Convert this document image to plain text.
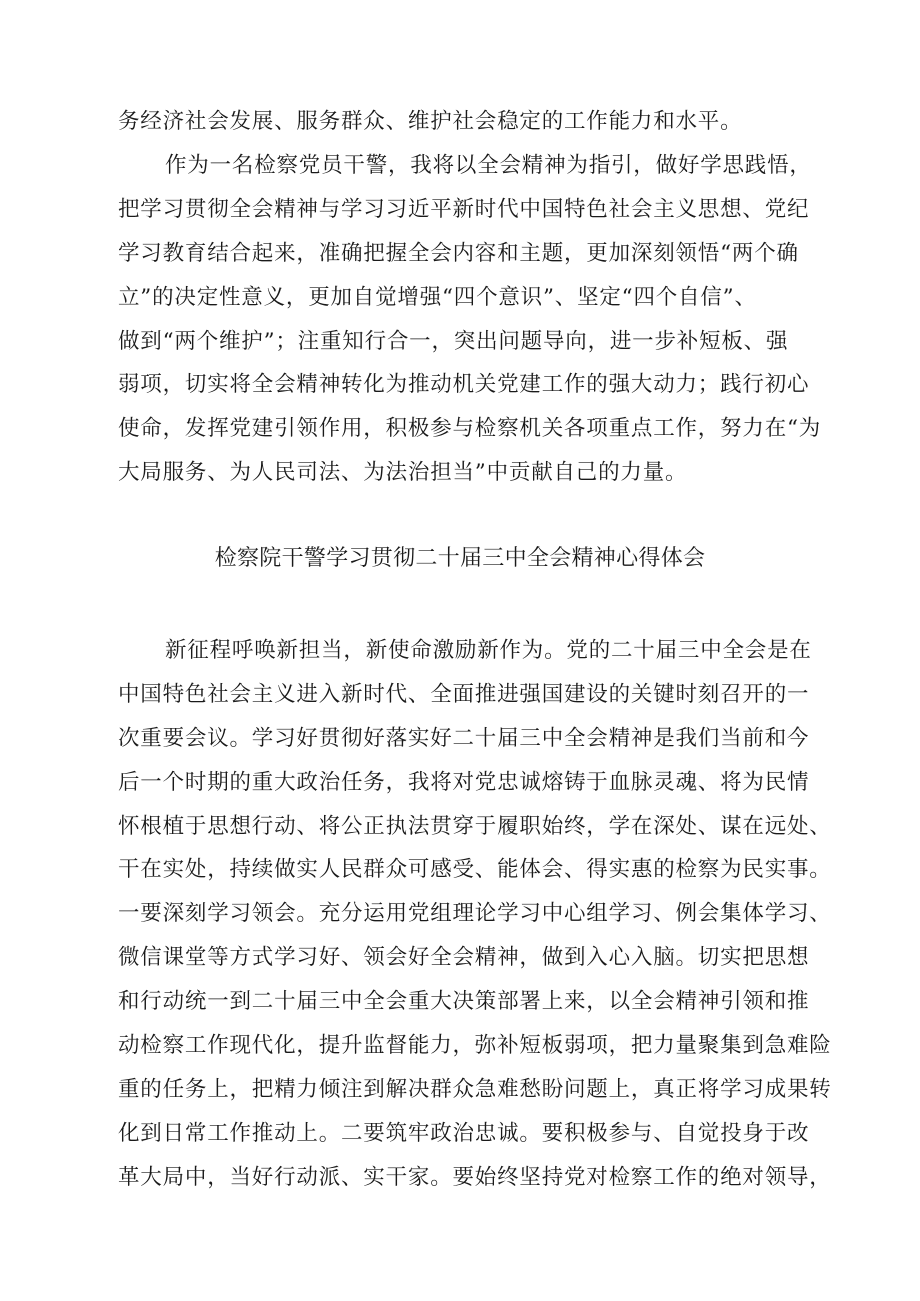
务经济社会发展、服务群众、维护社会稳定的工作能力和水平。
作为一名检察党员干警，我将以全会精神为指引，做好学思践悟，
把学习贯彻全会精神与学习习近平新时代中国特色社会主义思想、党纪
学习教育结合起来，准确把握全会内容和主题，更加深刻领悟“两个确
立”的决定性意义，更加自觉增强“四个意识”、坚定“四个自信”、
做到“两个维护”；注重知行合一，突出问题导向，进一步补短板、强
弱项，切实将全会精神转化为推动机关党建工作的强大动力；践行初心
使命，发挥党建引领作用，积极参与检察机关各项重点工作，努力在“为
大局服务、为人民司法、为法治担当”中贡献自己的力量。
检察院干警学习贯彻二十届三中全会精神心得体会
新征程呼唤新担当，新使命激励新作为。党的二十届三中全会是在
中国特色社会主义进入新时代、全面推进强国建设的关键时刻召开的一
次重要会议。学习好贯彻好落实好二十届三中全会精神是我们当前和今
后一个时期的重大政治任务，我将对党忠诚熔铸于血脉灵魂、将为民情
怀根植于思想行动、将公正执法贯穿于履职始终，学在深处、谋在远处、
干在实处，持续做实人民群众可感受、能体会、得实惠的检察为民实事。
一要深刻学习领会。充分运用党组理论学习中心组学习、例会集体学习、
微信课堂等方式学习好、领会好全会精神，做到入心入脑。切实把思想
和行动统一到二十届三中全会重大决策部署上来，以全会精神引领和推
动检察工作现代化，提升监督能力，弥补短板弱项，把力量聚集到急难险
重的任务上，把精力倾注到解决群众急难愁盼问题上，真正将学习成果转
化到日常工作推动上。二要筑牢政治忠诚。要积极参与、自觉投身于改
革大局中，当好行动派、实干家。要始终坚持党对检察工作的绝对领导，
